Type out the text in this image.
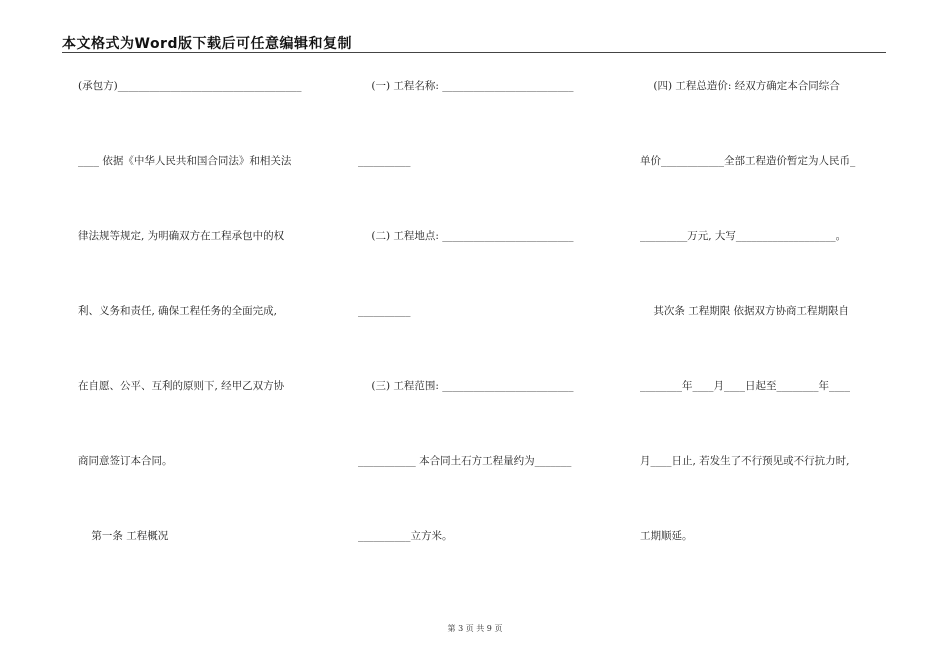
本文格式为Word版下载后可任意编辑和复制
(承包方)___________________________________
____ 依据《中华人民共和国合同法》和相关法
律法规等规定, 为明确双方在工程承包中的权
利、义务和责任, 确保工程任务的全面完成,
在自愿、公平、互利的原则下, 经甲乙双方协
商同意签订本合同。
第一条 工程概况
(一) 工程名称: _________________________
__________
(二) 工程地点: _________________________
__________
(三) 工程范围: _________________________
___________ 本合同土石方工程量约为_______
__________立方米。
(四) 工程总造价: 经双方确定本合同综合
单价____________全部工程造价暂定为人民币_
_________万元, 大写___________________。
其次条 工程期限 依据双方协商工程期限自
________年____月____日起至________年____
月____日止, 若发生了不行预见或不行抗力时,
工期顺延。
第 3 页 共 9 页
